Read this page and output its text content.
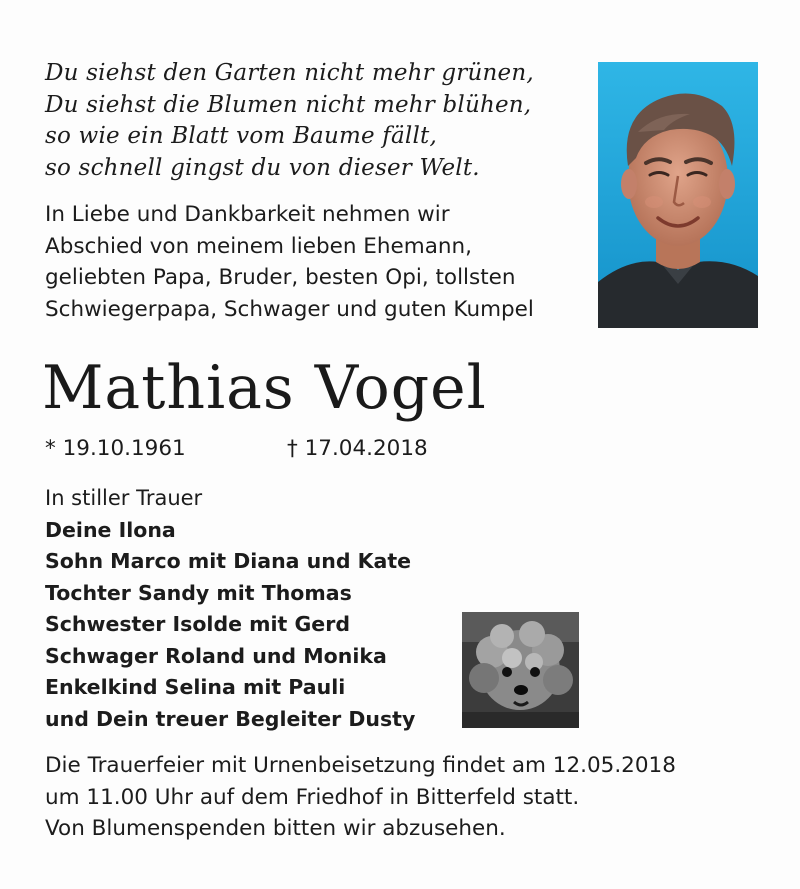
Du siehst den Garten nicht mehr grünen,
Du siehst die Blumen nicht mehr blühen,
so wie ein Blatt vom Baume fällt,
so schnell gingst du von dieser Welt.
In Liebe und Dankbarkeit nehmen wir
Abschied von meinem lieben Ehemann,
geliebten Papa, Bruder, besten Opi, tollsten
Schwiegerpapa, Schwager und guten Kumpel
Mathias Vogel
* 19.10.1961	† 17.04.2018
In stiller Trauer
Deine Ilona
Sohn Marco mit Diana und Kate
Tochter Sandy mit Thomas
Schwester Isolde mit Gerd
Schwager Roland und Monika
Enkelkind Selina mit Pauli
und Dein treuer Begleiter Dusty
Die Trauerfeier mit Urnenbeisetzung findet am 12.05.2018
um 11.00 Uhr auf dem Friedhof in Bitterfeld statt.
Von Blumenspenden bitten wir abzusehen.
